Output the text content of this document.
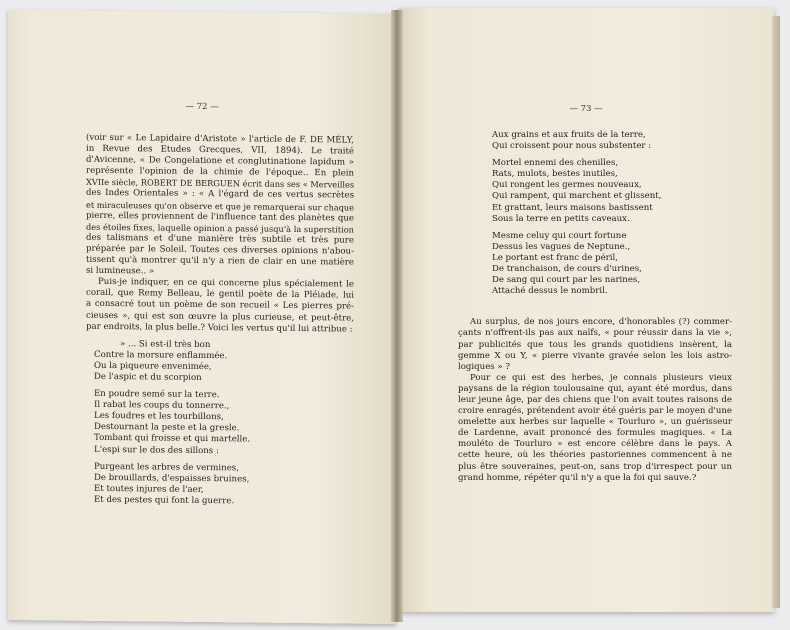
— 72 —

(voir sur « Le Lapidaire d'Aristote » l'article de F. DE MÉLY,
in Revue des Etudes Grecques, VII, 1894). Le traité
d'Avicenne, « De Congelatione et conglutinatione lapidum »
représente l'opinion de la chimie de l'époque.. En plein
XVIIe siècle, ROBERT DE BERGUEN écrit dans ses « Merveilles
des Indes Orientales » : « A l'égard de ces vertus secrètes
et miraculeuses qu'on observe et que je remarquerai sur chaque
pierre, elles proviennent de l'influence tant des planètes que
des étoiles fixes, laquelle opinion a passé jusqu'à la superstition
des talismans et d'une manière très subtile et très pure
préparée par le Soleil. Toutes ces diverses opinions n'abou-
tissent qu'à montrer qu'il n'y a rien de clair en une matière
si lumineuse.. »

Puis-je indiquer, en ce qui concerne plus spécialement le
corail, que Remy Belleau, le gentil poète de la Pléiade, lui
a consacré tout un poème de son recueil « Les pierres pré-
cieuses », qui est son œuvre la plus curieuse, et peut-être,
par endroits, la plus belle.? Voici les vertus qu'il lui attribue :

» ... Si est-il très bon
Contre la morsure enflammée.
Ou la piqueure envenimée,
De l'aspic et du scorpion
En poudre semé sur la terre.
Il rabat les coups du tonnerre.,
Les foudres et les tourbillons,
Destournant la peste et la gresle.
Tombant qui froisse et qui martelle.
L'espi sur le dos des sillons :
Purgeant les arbres de vermines,
De brouillards, d'espaisses bruines,
Et toutes injures de l'aer,
Et des pestes qui font la guerre.
— 73 —
Aux grains et aux fruits de la terre,
Qui croissent pour nous substenter :
Mortel ennemi des chenilles,
Rats, mulots, bestes inutiles,
Qui rongent les germes nouveaux,
Qui rampent, qui marchent et glissent,
Et grattant, leurs maisons bastissent
Sous la terre en petits caveaux.
Mesme celuy qui court fortune
Dessus les vagues de Neptune.,
Le portant est franc de péril,
De tranchaison, de cours d'urines,
De sang qui court par les narines,
Attaché dessus le nombril.

Au surplus, de nos jours encore, d'honorables (?) commer-
çants n'offrent-ils pas aux naïfs, « pour réussir dans la vie »,
par publicités que tous les grands quotidiens insèrent, la
gemme X ou Y, « pierre vivante gravée selon les lois astro-
logiques » ?

Pour ce qui est des herbes, je connais plusieurs vieux
paysans de la région toulousaine qui, ayant été mordus, dans
leur jeune âge, par des chiens que l'on avait toutes raisons de
croire enragés, prétendent avoir été guéris par le moyen d'une
omelette aux herbes sur laquelle « Tourluro », un guérisseur
de Lardenne, avait prononcé des formules magiques. « La
mouléto de Tourluro » est encore célèbre dans le pays. A
cette heure, où les théories pastoriennes commencent à ne
plus être souveraines, peut-on, sans trop d'irrespect pour un
grand homme, répéter qu'il n'y a que la foi qui sauve.?
